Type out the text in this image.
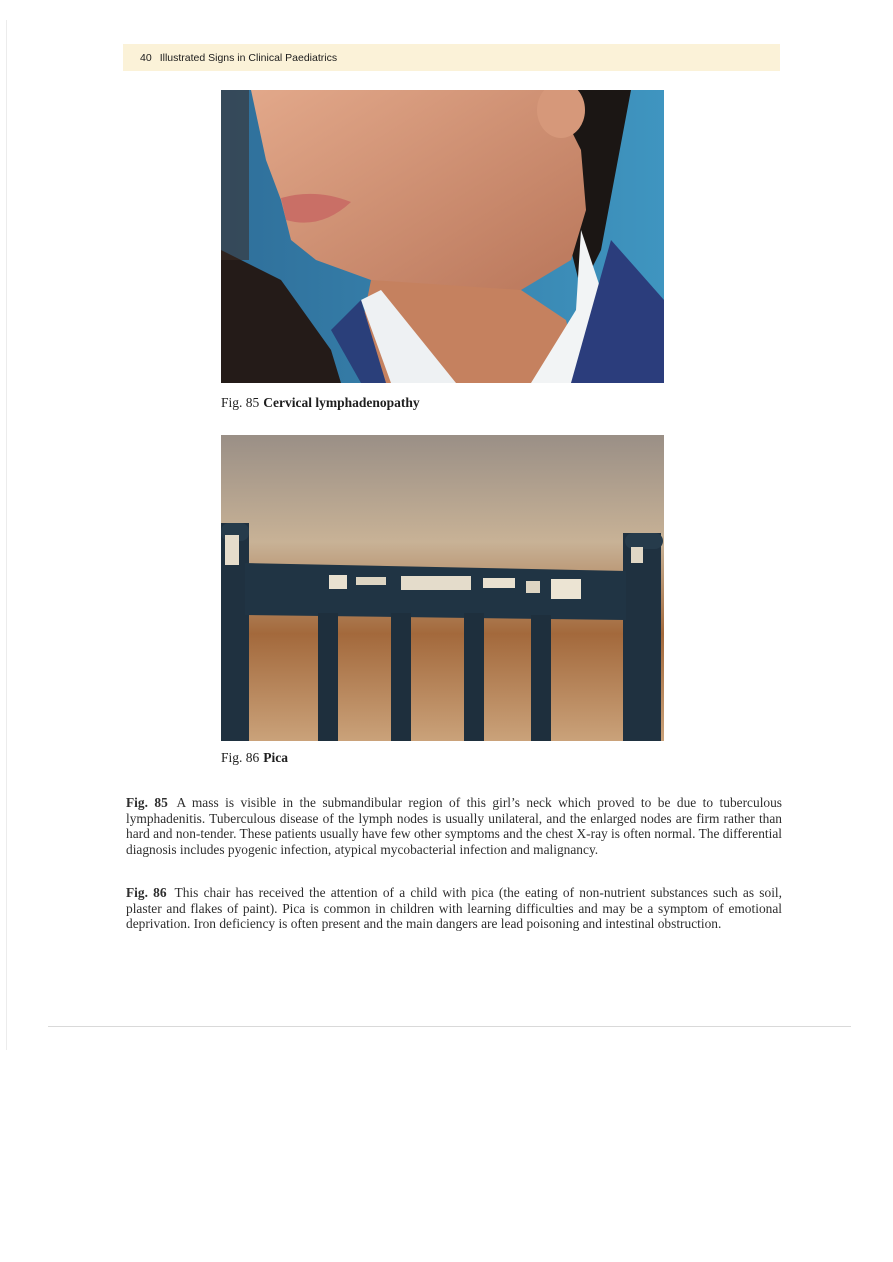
40 Illustrated Signs in Clinical Paediatrics
Fig. 85 Cervical lymphadenopathy
Fig. 86 Pica
Fig. 85 A mass is visible in the submandibular region of this girl’s neck which proved to be due to tuberculous lymphadenitis. Tuberculous disease of the lymph nodes is usually unilateral, and the enlarged nodes are firm rather than hard and non-tender. These patients usually have few other symptoms and the chest X-ray is often normal. The differential diagnosis includes pyogenic infection, atypical mycobacterial infection and malignancy.
Fig. 86 This chair has received the attention of a child with pica (the eating of non-nutrient substances such as soil, plaster and flakes of paint). Pica is common in children with learning difficulties and may be a symptom of emotional deprivation. Iron deficiency is often present and the main dangers are lead poisoning and intestinal obstruction.
